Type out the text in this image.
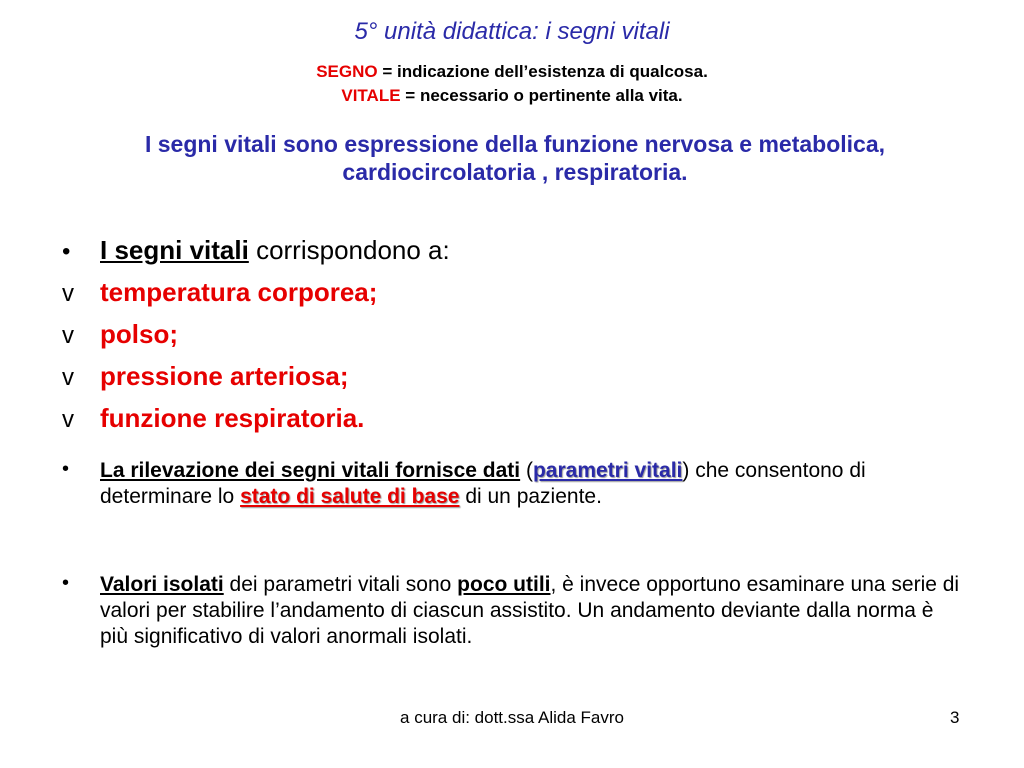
5° unità didattica: i segni vitali
SEGNO = indicazione dell’esistenza di qualcosa.
VITALE = necessario o pertinente alla vita.
I segni vitali sono espressione della funzione nervosa e metabolica, cardiocircolatoria , respiratoria.
•	I segni vitali corrispondono a:
v	temperatura corporea;
v	polso;
v	pressione arteriosa;
v	funzione respiratoria.
•	La rilevazione dei segni vitali fornisce dati (parametri vitali) che consentono di determinare lo stato di salute di base di un paziente.
•	Valori isolati dei parametri vitali sono poco utili, è invece opportuno esaminare una serie di valori per stabilire l’andamento di ciascun assistito. Un andamento deviante dalla norma è più significativo di valori anormali isolati.
a cura di: dott.ssa Alida Favro	3
